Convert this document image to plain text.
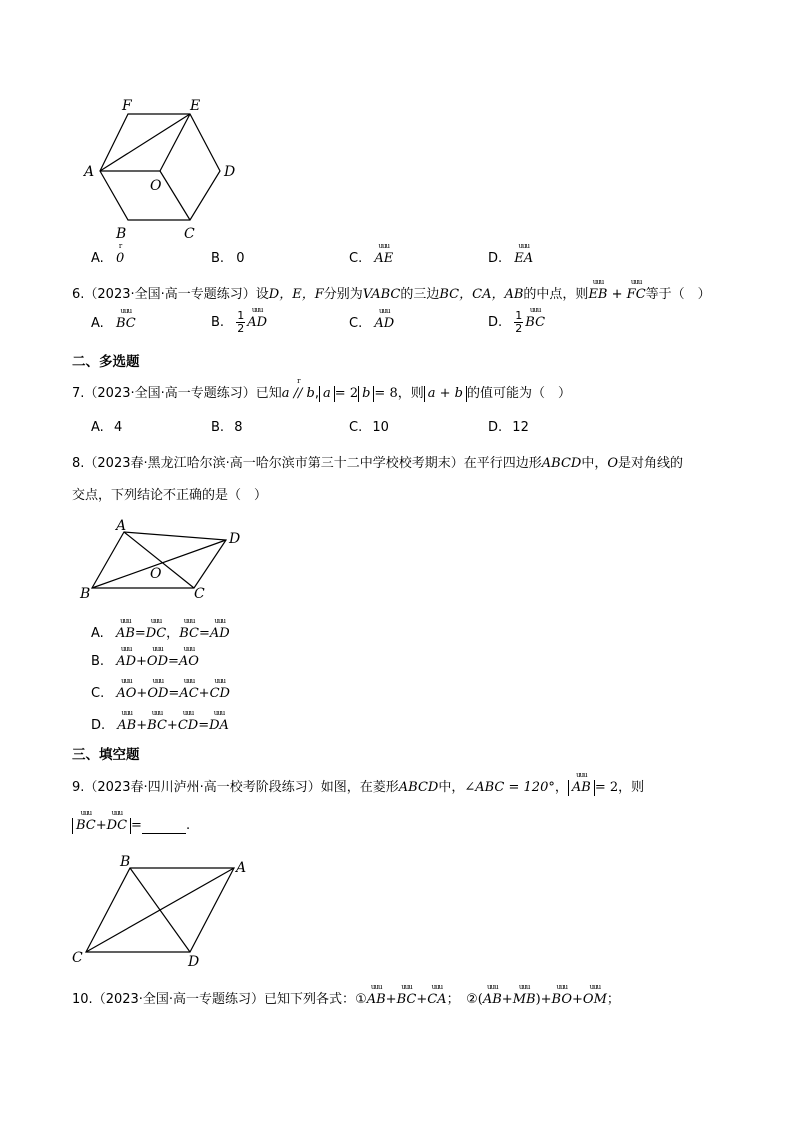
F	E
A	D
O
B	C
A. r 0	B. 0	C. uuu AE	D. uuu EA
6.（2023·全国·高一专题练习）设D，E，F分别为VABC的三边BC，CA，AB的中点，则uuu EB + uuu FC等于（　）
A. uuu BC	B. $\frac{1}{2}$ uuu AD	C. uuu AD	D. $\frac{1}{2}$ uuu BC
二、多选题
7.（2023·全国·高一专题练习）已知r a // b, a = 2 b = 8，则 a + b 的值可能为（　）
A. 4	B. 8	C. 10	D. 12
8.（2023春·黑龙江哈尔滨·高一哈尔滨市第三十二中学校校考期末）在平行四边形ABCD中，O是对角线的
交点，下列结论不正确的是（　）
A
D
O
B	C
A. uuu AB=uuu DC，uuu BC=uuu AD
B. uuu AD+uuu OD=uuu AO
C. uuu AO+uuu OD=uuu AC+uuu CD
D. uuu AB+uuu BC+uuu CD=uuu DA
三、填空题
9.（2023春·四川泸州·高一校考阶段练习）如图，在菱形ABCD中，∠ABC = 120°， uuu AB = 2，则
uuu BC+uuu DC =	.
B	A
C	D
10.（2023·全国·高一专题练习）已知下列各式：①uuu AB+uuu BC+uuu CA；　 ②(uuu AB+uuu MB)+uuu BO+uuu OM；
